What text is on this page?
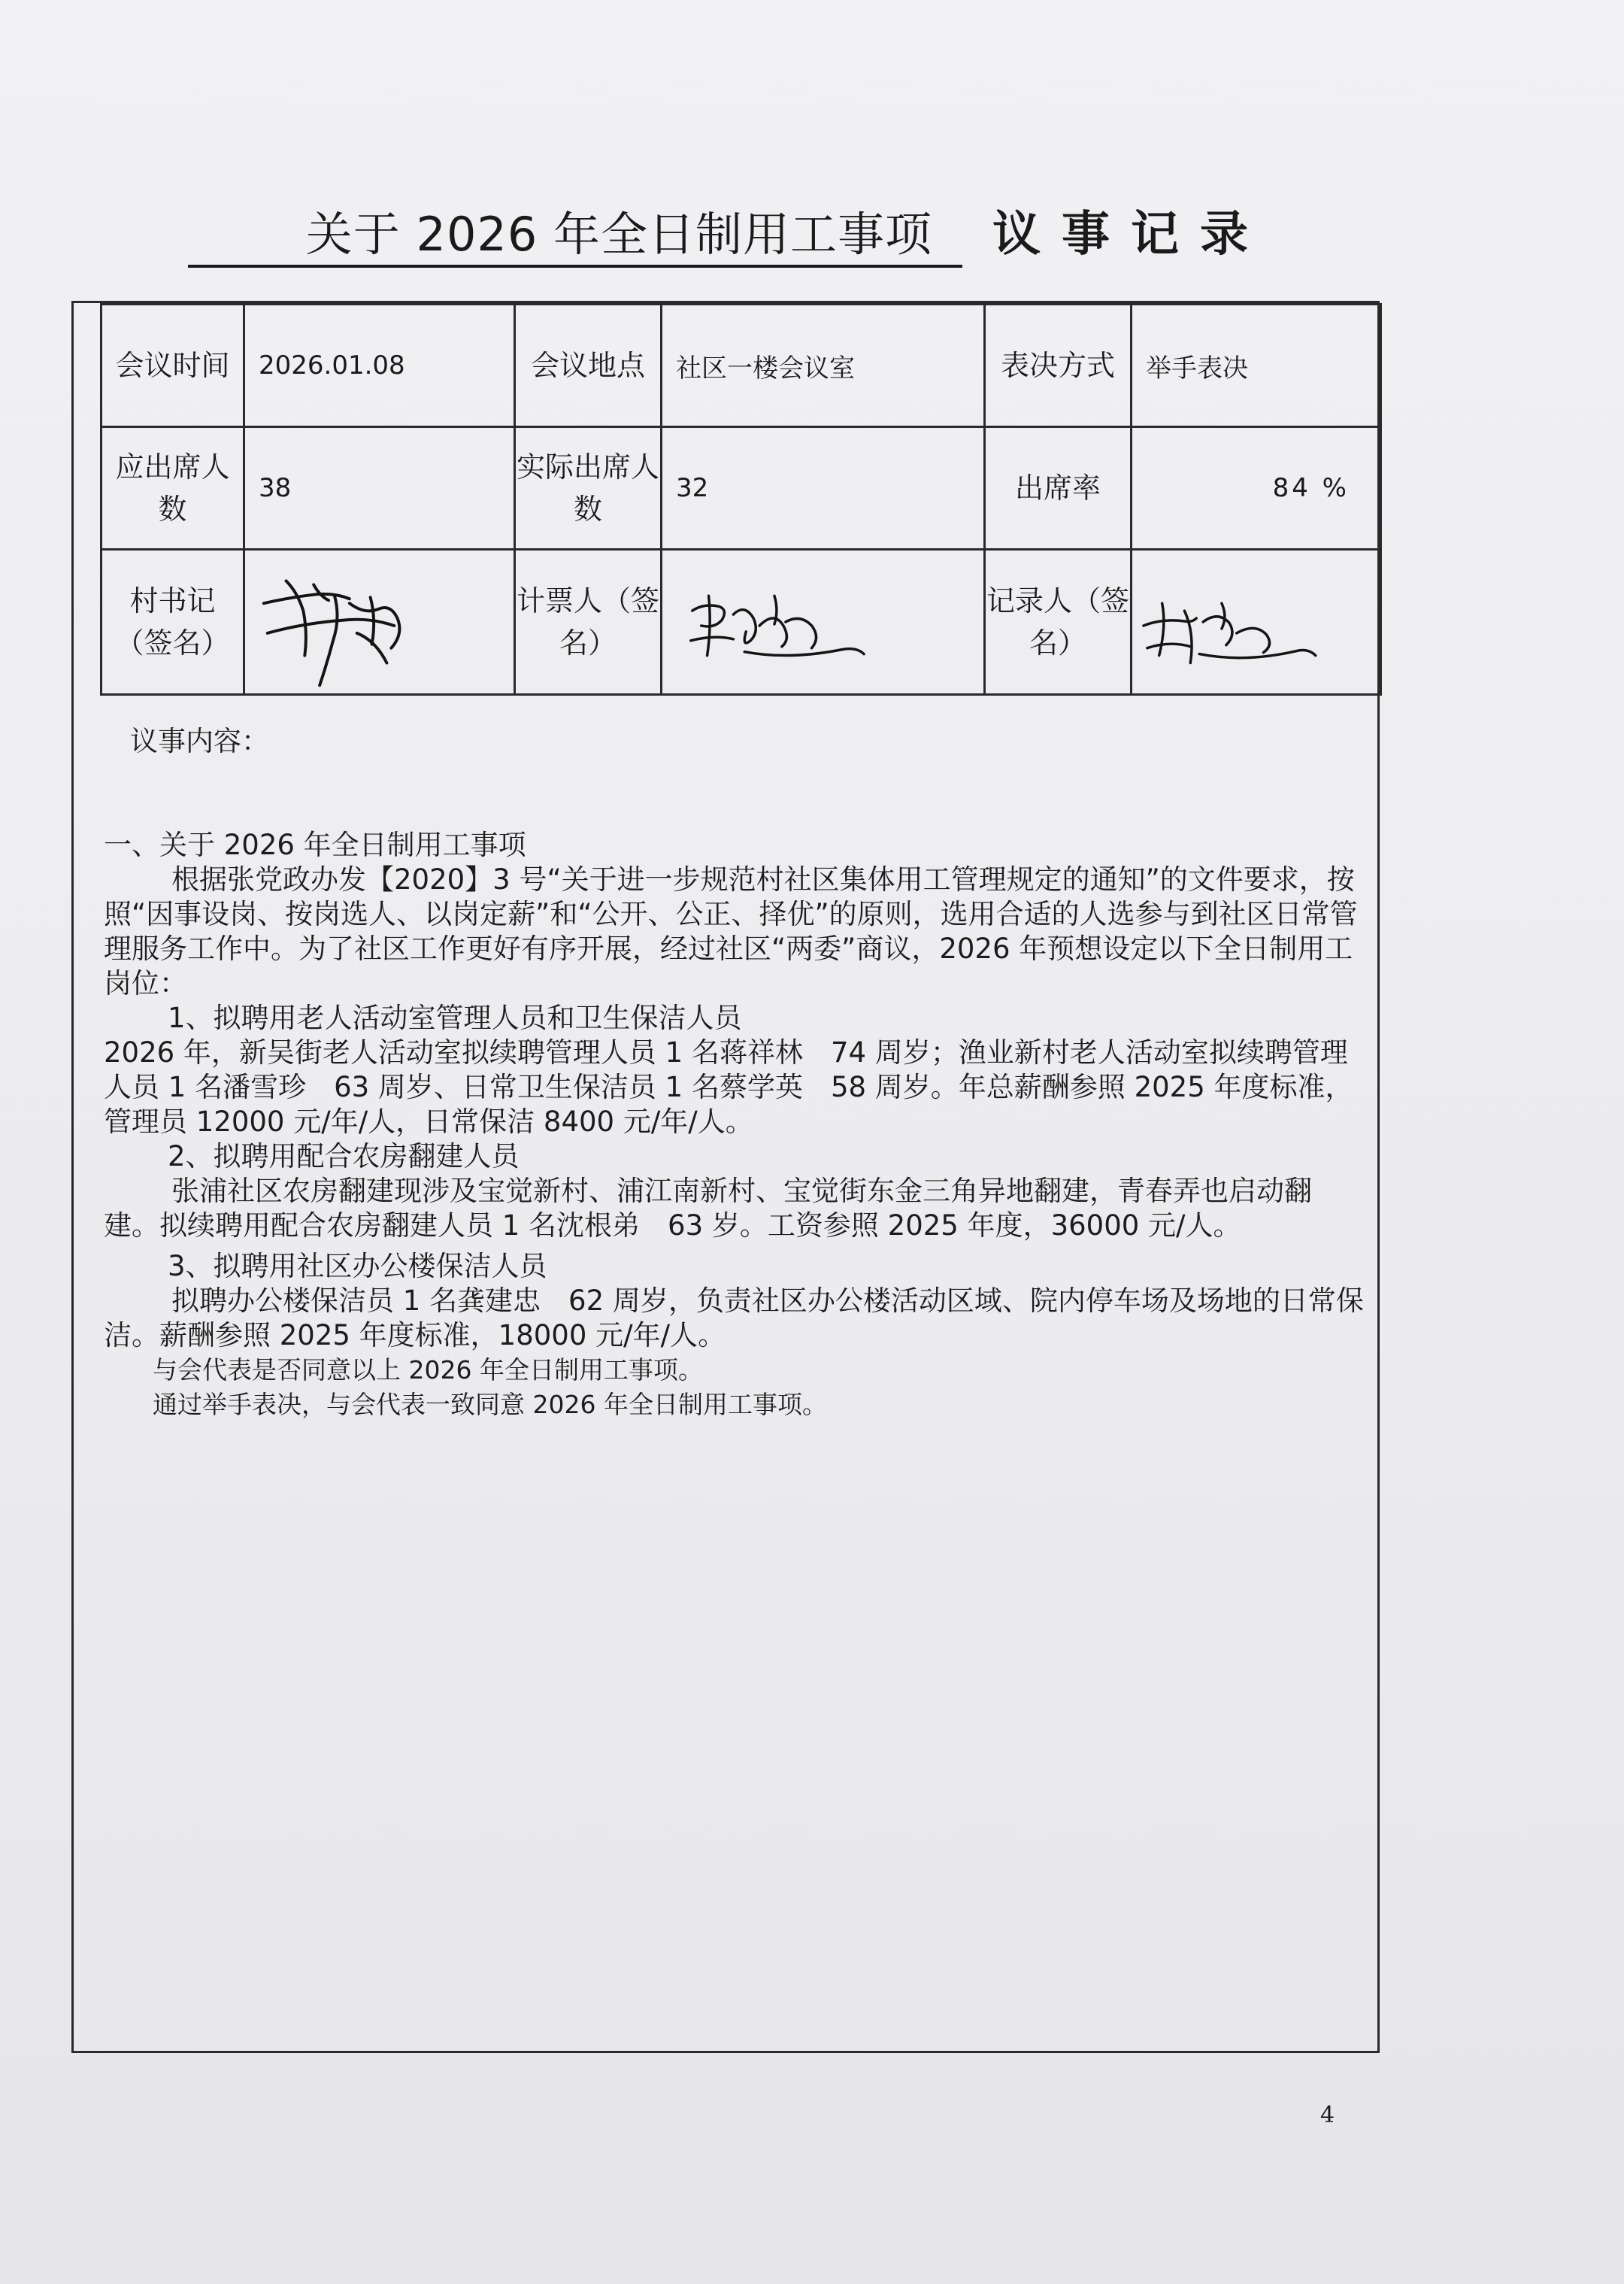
关于 2026 年全日制用工事项	议事记录
会议时间	2026.01.08	会议地点	社区一楼会议室	表决方式	举手表决
应出席人数	38	实际出席人数	32	出席率	84 %
村书记（签名）		计票人（签名）		记录人（签名）	

议事内容：

一、关于 2026 年全日制用工事项

根据张党政办发【2020】3 号“关于进一步规范村社区集体用工管理规定的通知”的文件要求，按照“因事设岗、按岗选人、以岗定薪”和“公开、公正、择优”的原则，选用合适的人选参与到社区日常管理服务工作中。为了社区工作更好有序开展，经过社区“两委”商议，2026 年预想设定以下全日制用工岗位：

1、拟聘用老人活动室管理人员和卫生保洁人员

2026 年，新吴街老人活动室拟续聘管理人员 1 名蒋祥林　74 周岁；渔业新村老人活动室拟续聘管理人员 1 名潘雪珍　63 周岁、日常卫生保洁员 1 名蔡学英　58 周岁。年总薪酬参照 2025 年度标准，管理员 12000 元/年/人，日常保洁 8400 元/年/人。

2、拟聘用配合农房翻建人员

张浦社区农房翻建现涉及宝觉新村、浦江南新村、宝觉街东金三角异地翻建，青春弄也启动翻建。拟续聘用配合农房翻建人员 1 名沈根弟　63 岁。工资参照 2025 年度，36000 元/人。

3、拟聘用社区办公楼保洁人员

拟聘办公楼保洁员 1 名龚建忠　62 周岁，负责社区办公楼活动区域、院内停车场及场地的日常保洁。薪酬参照 2025 年度标准，18000 元/年/人。

与会代表是否同意以上 2026 年全日制用工事项。

通过举手表决，与会代表一致同意 2026 年全日制用工事项。

4
